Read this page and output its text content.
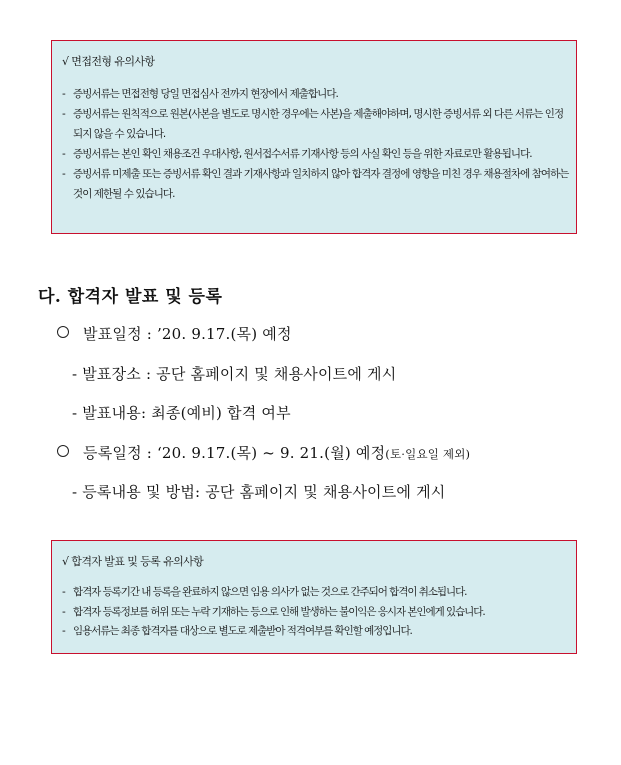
√ 면접전형 유의사항
- 증빙서류는 면접전형 당일 면접심사 전까지 현장에서 제출합니다.
- 증빙서류는 원칙적으로 원본(사본을 별도로 명시한 경우에는 사본)을 제출해야하며, 명시한 증빙서류 외 다른 서류는 인정되지 않을 수 있습니다.
- 증빙서류는 본인 확인 채용조건 우대사항, 원서접수서류 기재사항 등의 사실 확인 등을 위한 자료로만 활용됩니다.
- 증빙서류 미제출 또는 증빙서류 확인 결과 기재사항과 일치하지 않아 합격자 결정에 영향을 미친 경우 채용절차에 참여하는 것이 제한될 수 있습니다.
다. 합격자 발표 및 등록
발표일정 : ’20. 9.17.(목) 예정
- 발표장소 : 공단 홈페이지 및 채용사이트에 게시
- 발표내용: 최종(예비) 합격 여부
등록일정 : ‘20. 9.17.(목) ~ 9. 21.(월) 예정(토·일요일 제외)
- 등록내용 및 방법: 공단 홈페이지 및 채용사이트에 게시
√ 합격자 발표 및 등록 유의사항
- 합격자 등록기간 내 등록을 완료하지 않으면 임용 의사가 없는 것으로 간주되어 합격이 취소됩니다.
- 합격자 등록정보를 허위 또는 누락 기재하는 등으로 인해 발생하는 불이익은 응시자 본인에게 있습니다.
- 임용서류는 최종 합격자를 대상으로 별도로 제출받아 적격여부를 확인할 예정입니다.
